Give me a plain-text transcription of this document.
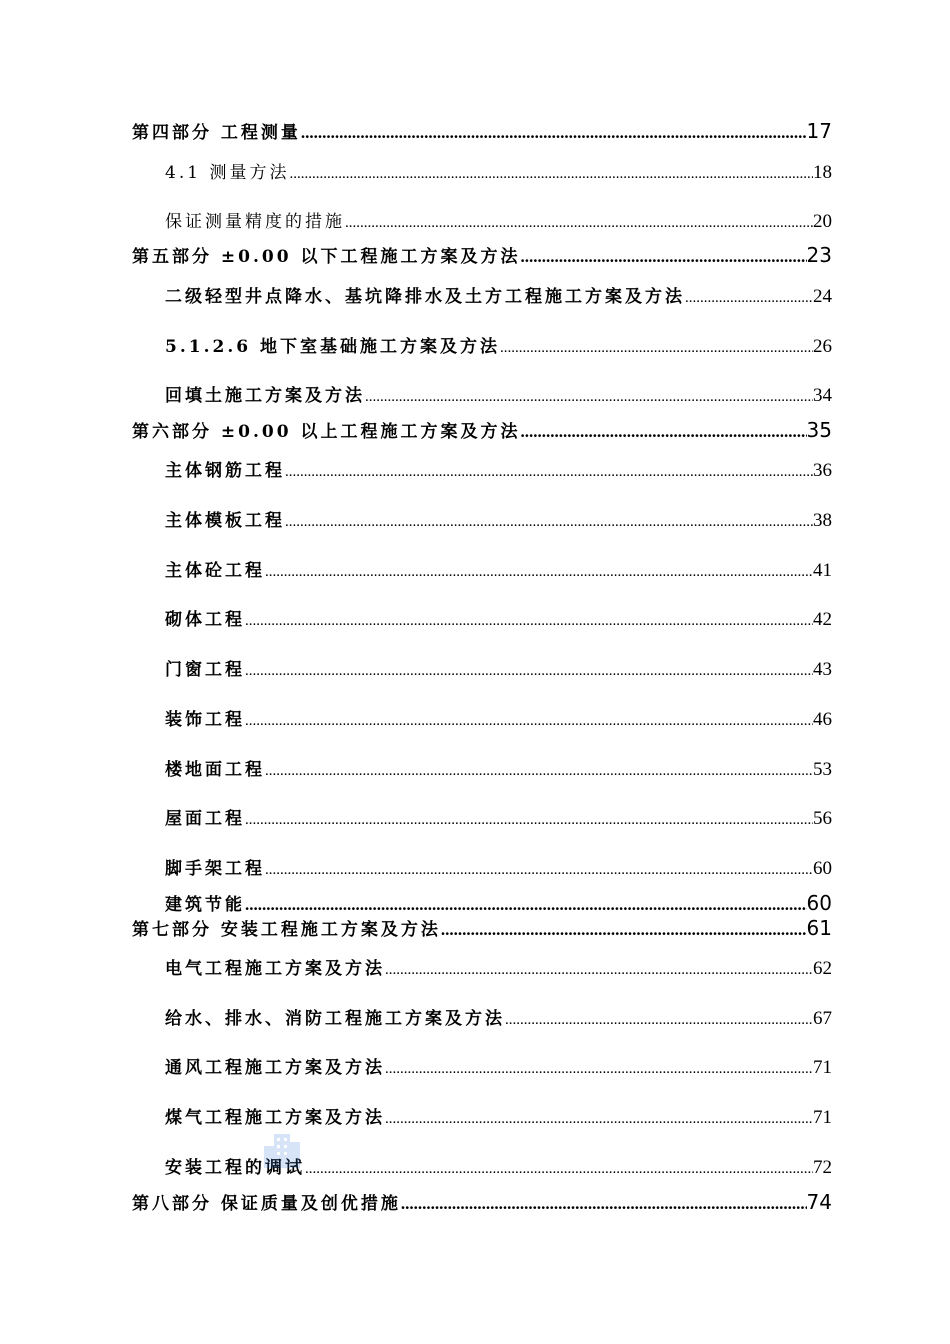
第四部分 工程测量 .....	17
4.1 测量方法 .....	18
保证测量精度的措施 .....	20
第五部分 ±0.00 以下工程施工方案及方法 .....	23
二级轻型井点降水、基坑降排水及土方工程施工方案及方法 .....	24
5.1.2.6 地下室基础施工方案及方法 .....	26
回填土施工方案及方法 .....	34
第六部分 ±0.00 以上工程施工方案及方法 .....	35
主体钢筋工程 .....	36
主体模板工程 .....	38
主体砼工程 .....	41
砌体工程 .....	42
门窗工程 .....	43
装饰工程 .....	46
楼地面工程 .....	53
屋面工程 .....	56
脚手架工程 .....	60
建筑节能 .....	60
第七部分 安装工程施工方案及方法 .....	61
电气工程施工方案及方法 .....	62
给水、排水、消防工程施工方案及方法 .....	67
通风工程施工方案及方法 .....	71
煤气工程施工方案及方法 .....	71
安装工程的调试 .....	72
第八部分 保证质量及创优措施 .....	74
